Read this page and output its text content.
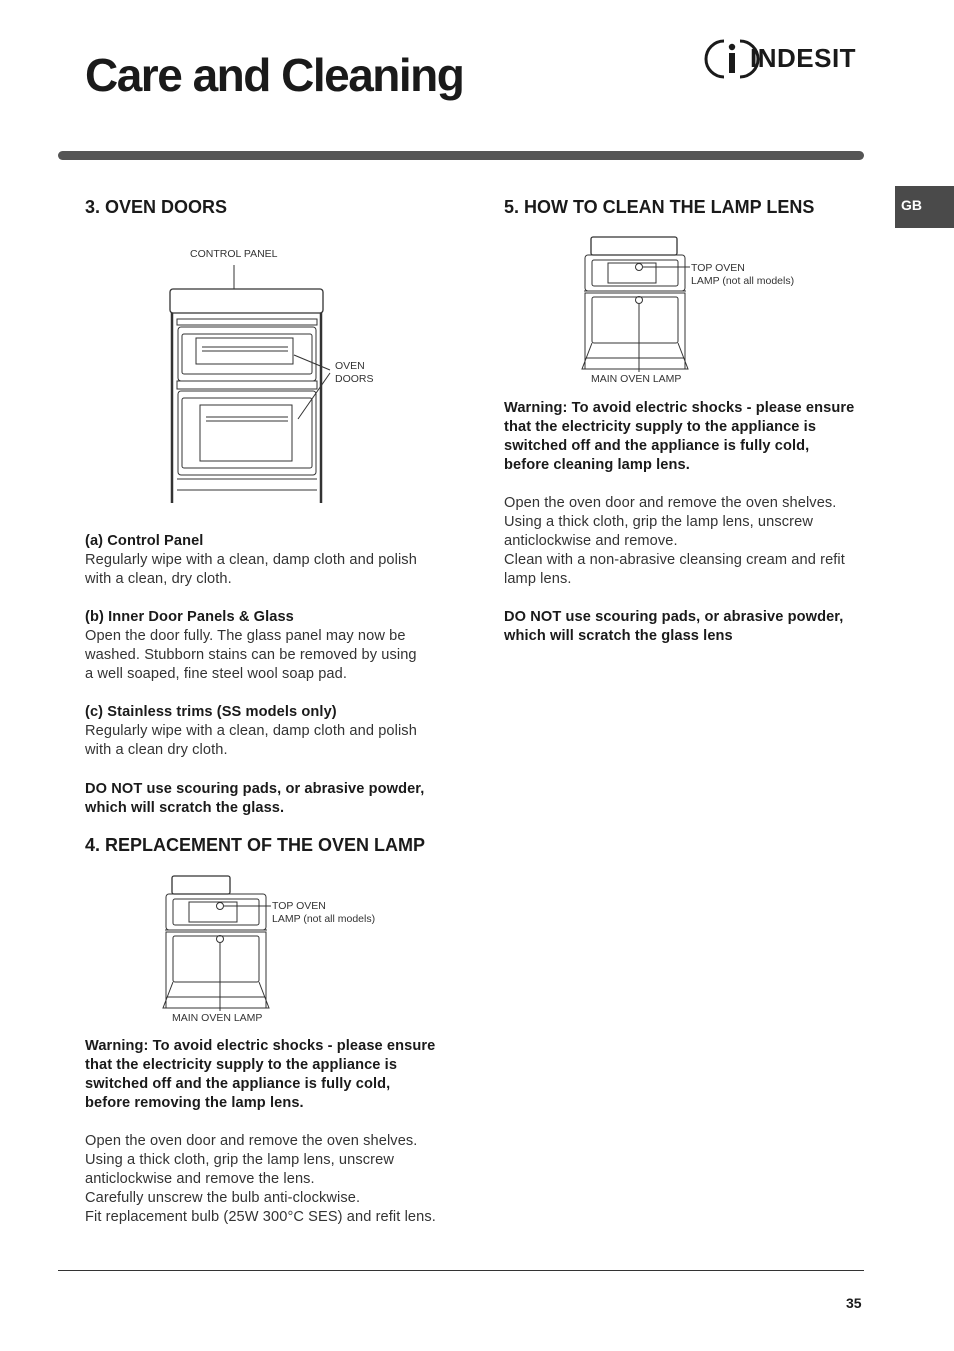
Care and Cleaning	INDESIT

GB
3. OVEN DOORS

CONTROL PANEL

OVEN
DOORS

(a) Control Panel
Regularly wipe with a clean, damp cloth and polish
with a clean, dry cloth.

(b) Inner Door Panels & Glass
Open the door fully. The glass panel may now be
washed. Stubborn stains can be removed by using
a well soaped, fine steel wool soap pad.

(c) Stainless trims (SS models only)
Regularly wipe with a clean, damp cloth and polish
with a clean dry cloth.

DO NOT use scouring pads, or abrasive powder,
which will scratch the glass.

4. REPLACEMENT OF THE OVEN LAMP

TOP OVEN
LAMP (not all models)

MAIN OVEN LAMP

Warning: To avoid electric shocks - please ensure
that the electricity supply to the appliance is
switched off and the appliance is fully cold,
before removing the lamp lens.

Open the oven door and remove the oven shelves.
Using a thick cloth, grip the lamp lens, unscrew
anticlockwise and remove the lens.
Carefully unscrew the bulb anti-clockwise.
Fit replacement bulb (25W 300°C SES) and refit lens.

5. HOW TO CLEAN THE LAMP LENS

TOP OVEN
LAMP (not all models)

MAIN OVEN LAMP

Warning: To avoid electric shocks - please ensure
that the electricity supply to the appliance is
switched off and the appliance is fully cold,
before cleaning lamp lens.

Open the oven door and remove the oven shelves.
Using a thick cloth, grip the lamp lens, unscrew
anticlockwise and remove.
Clean with a non-abrasive cleansing cream and refit
lamp lens.

DO NOT use scouring pads, or abrasive powder,
which will scratch the glass lens

35
